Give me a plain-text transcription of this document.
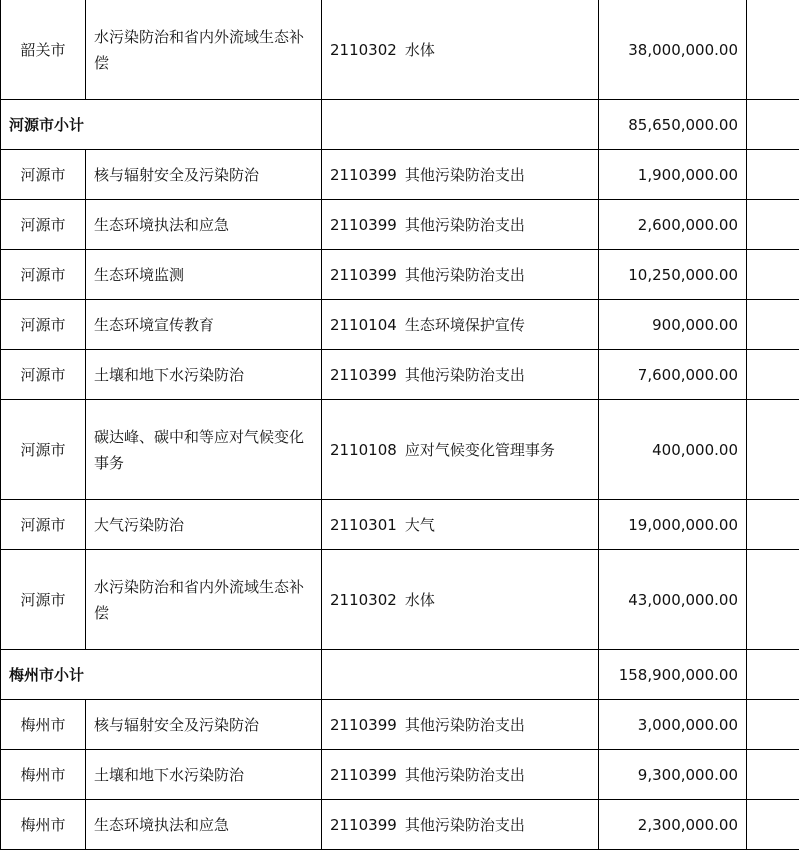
韶关市	水污染防治和省内外流域生态补偿	2110302 水体	38,000,000.00	
河源市小计			85,650,000.00	
河源市	核与辐射安全及污染防治	2110399 其他污染防治支出	1,900,000.00	
河源市	生态环境执法和应急	2110399 其他污染防治支出	2,600,000.00	
河源市	生态环境监测	2110399 其他污染防治支出	10,250,000.00	
河源市	生态环境宣传教育	2110104 生态环境保护宣传	900,000.00	
河源市	土壤和地下水污染防治	2110399 其他污染防治支出	7,600,000.00	
河源市	碳达峰、碳中和等应对气候变化事务	2110108 应对气候变化管理事务	400,000.00	
河源市	大气污染防治	2110301 大气	19,000,000.00	
河源市	水污染防治和省内外流域生态补偿	2110302 水体	43,000,000.00	
梅州市小计			158,900,000.00	
梅州市	核与辐射安全及污染防治	2110399 其他污染防治支出	3,000,000.00	
梅州市	土壤和地下水污染防治	2110399 其他污染防治支出	9,300,000.00	
梅州市	生态环境执法和应急	2110399 其他污染防治支出	2,300,000.00	
